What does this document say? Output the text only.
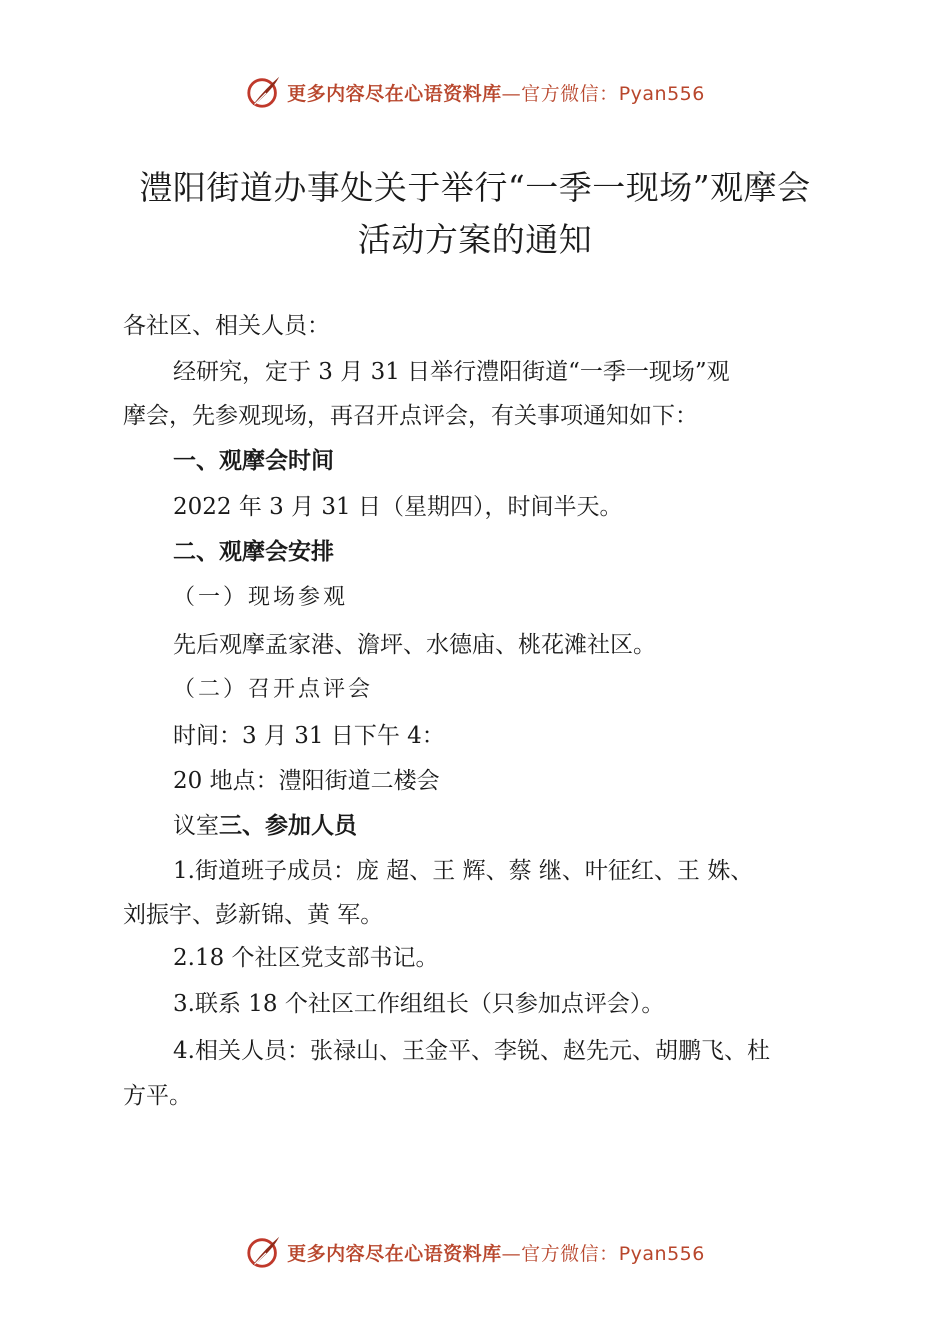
更多内容尽在心语资料库—官方微信：Pyan556
澧阳街道办事处关于举行“一季一现场”观摩会
活动方案的通知
各社区、相关人员：
经研究，定于 3 月 31 日举行澧阳街道“一季一现场”观
摩会，先参观现场，再召开点评会，有关事项通知如下：
一、观摩会时间
2022 年 3 月 31 日（星期四），时间半天。
二、观摩会安排
（一）现场参观
先后观摩孟家港、澹坪、水德庙、桃花滩社区。
（二）召开点评会
时间：3 月 31 日下午 4：
20 地点：澧阳街道二楼会
议室三、参加人员
1.街道班子成员：庞 超、王 辉、蔡 继、叶征红、王 姝、
刘振宇、彭新锦、黄 军。
2.18 个社区党支部书记。
3.联系 18 个社区工作组组长（只参加点评会）。
4.相关人员：张禄山、王金平、李锐、赵先元、胡鹏飞、杜
方平。
更多内容尽在心语资料库—官方微信：Pyan556
